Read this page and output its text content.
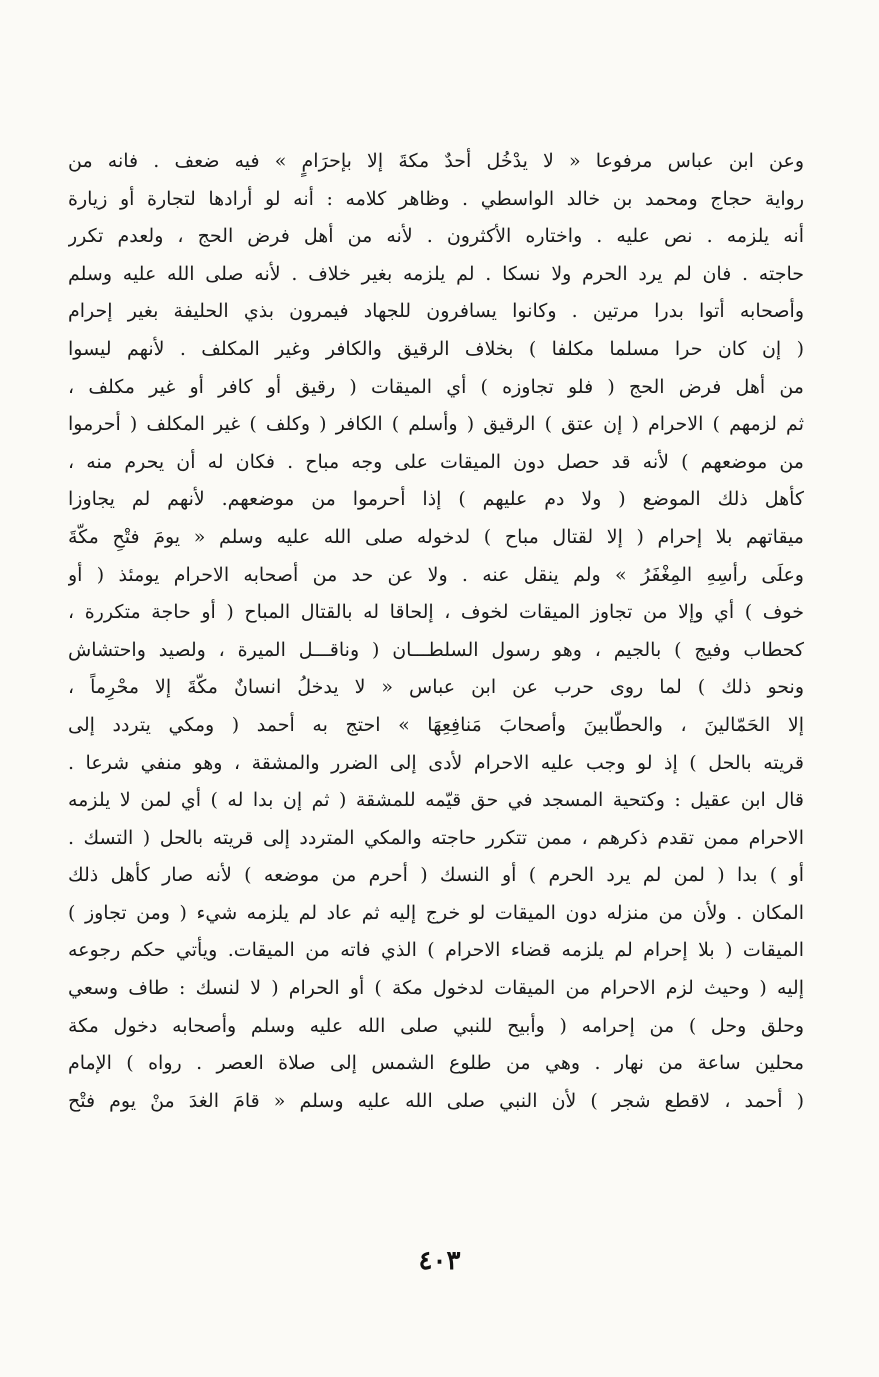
وعن ابن عباس مرفوعا « لا يدْخُل أحدٌ مكةَ إلا بإحرَامٍ » فيه ضعف . فانه من
رواية حجاج ومحمد بن خالد الواسطي . وظاهر كلامه : أنه لو أرادها لتجارة أو زيارة
أنه يلزمه . نص عليه . واختاره الأكثرون . لأنه من أهل فرض الحج ، ولعدم تكرر
حاجته . فان لم يرد الحرم ولا نسكا . لم يلزمه بغير خلاف . لأنه صلى الله عليه وسلم
وأصحابه أتوا بدرا مرتين . وكانوا يسافرون للجهاد فيمرون بذي الحليفة بغير إحرام
( إن كان حرا مسلما مكلفا ) بخلاف الرقيق والكافر وغير المكلف . لأنهم ليسوا
من أهل فرض الحج ( فلو تجاوزه ) أي الميقات ( رقيق أو كافر أو غير مكلف ،
ثم لزمهم ) الاحرام ( إن عتق ) الرقيق ( وأسلم ) الكافر ( وكلف ) غير المكلف ( أحرموا
من موضعهم ) لأنه قد حصل دون الميقات على وجه مباح . فكان له أن يحرم منه ،
كأهل ذلك الموضع ( ولا دم عليهم ) إذا أحرموا من موضعهم. لأنهم لم يجاوزا
ميقاتهم بلا إحرام ( إلا لقتال مباح ) لدخوله صلى الله عليه وسلم « يومَ فتْحِ مكّةَ
وعلَى رأسِهِ المِغْفَرُ » ولم ينقل عنه . ولا عن حد من أصحابه الاحرام يومئذ ( أو
خوف ) أي وإلا من تجاوز الميقات لخوف ، إلحاقا له بالقتال المباح ( أو حاجة متكررة ،
كحطاب وفيج ) بالجيم ، وهو رسول السلطـــان ( وناقـــل الميرة ، ولصيد واحتشاش
ونحو ذلك ) لما روى حرب عن ابن عباس « لا يدخلُ انسانٌ مكّةَ إلا محْرِماً ،
إلا الحَمّالينَ ، والحطّابينَ وأصحابَ مَنافِعِهَا » احتج به أحمد ( ومكي يتردد إلى
قريته بالحل ) إذ لو وجب عليه الاحرام لأدى إلى الضرر والمشقة ، وهو منفي شرعا .
قال ابن عقيل : وكتحية المسجد في حق قيّمه للمشقة ( ثم إن بدا له ) أي لمن لا يلزمه
الاحرام ممن تقدم ذكرهم ، ممن تتكرر حاجته والمكي المتردد إلى قريته بالحل ( التسك .
أو ) بدا ( لمن لم يرد الحرم ) أو النسك ( أحرم من موضعه ) لأنه صار كأهل ذلك
المكان . ولأن من منزله دون الميقات لو خرج إليه ثم عاد لم يلزمه شيء ( ومن تجاوز )
الميقات ( بلا إحرام لم يلزمه قضاء الاحرام ) الذي فاته من الميقات. ويأتي حكم رجوعه
إليه ( وحيث لزم الاحرام من الميقات لدخول مكة ) أو الحرام ( لا لنسك : طاف وسعي
وحلق وحل ) من إحرامه ( وأبيح للنبي صلى الله عليه وسلم وأصحابه دخول مكة
محلين ساعة من نهار . وهي من طلوع الشمس إلى صلاة العصر . رواه ) الإمام
( أحمد ، لاقطع شجر ) لأن النبي صلى الله عليه وسلم « قامَ الغدَ منْ يوم فتْح
٤٠٣
